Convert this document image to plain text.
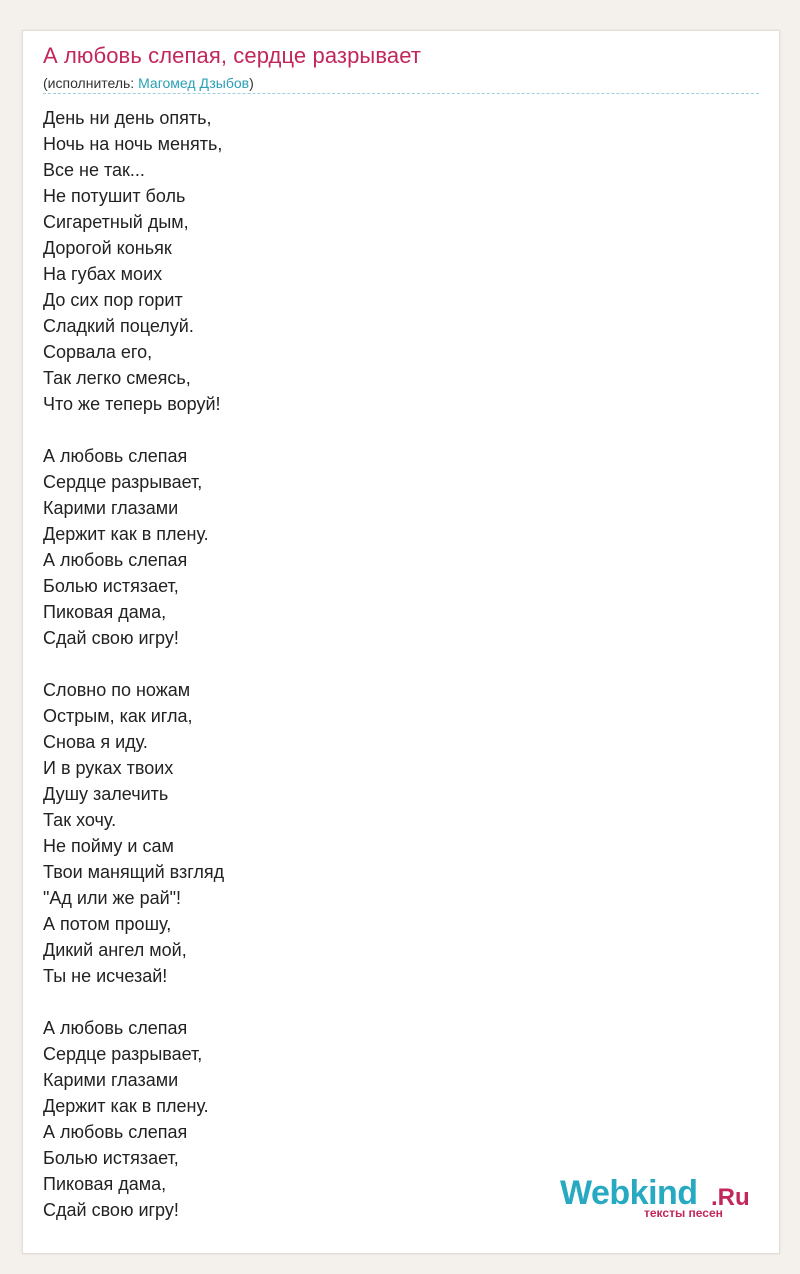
А любовь слепая, сердце разрывает
(исполнитель: Магомед Дзыбов)
День ни день опять,
Ночь на ночь менять,
Все не так...
Не потушит боль
Сигаретный дым,
Дорогой коньяк
На губах моих
До сих пор горит
Сладкий поцелуй.
Сорвала его,
Так легко смеясь,
Что же теперь воруй!
А любовь слепая
Сердце разрывает,
Карими глазами
Держит как в плену.
А любовь слепая
Болью истязает,
Пиковая дама,
Сдай свою игру!
Словно по ножам
Острым, как игла,
Снова я иду.
И в руках твоих
Душу залечить
Так хочу.
Не пойму и сам
Твои манящий взгляд
"Ад или же рай"!
А потом прошу,
Дикий ангел мой,
Ты не исчезай!
А любовь слепая
Сердце разрывает,
Карими глазами
Держит как в плену.
А любовь слепая
Болью истязает,
Пиковая дама,
Сдай свою игру!	Webkind .Ru
тексты песен
